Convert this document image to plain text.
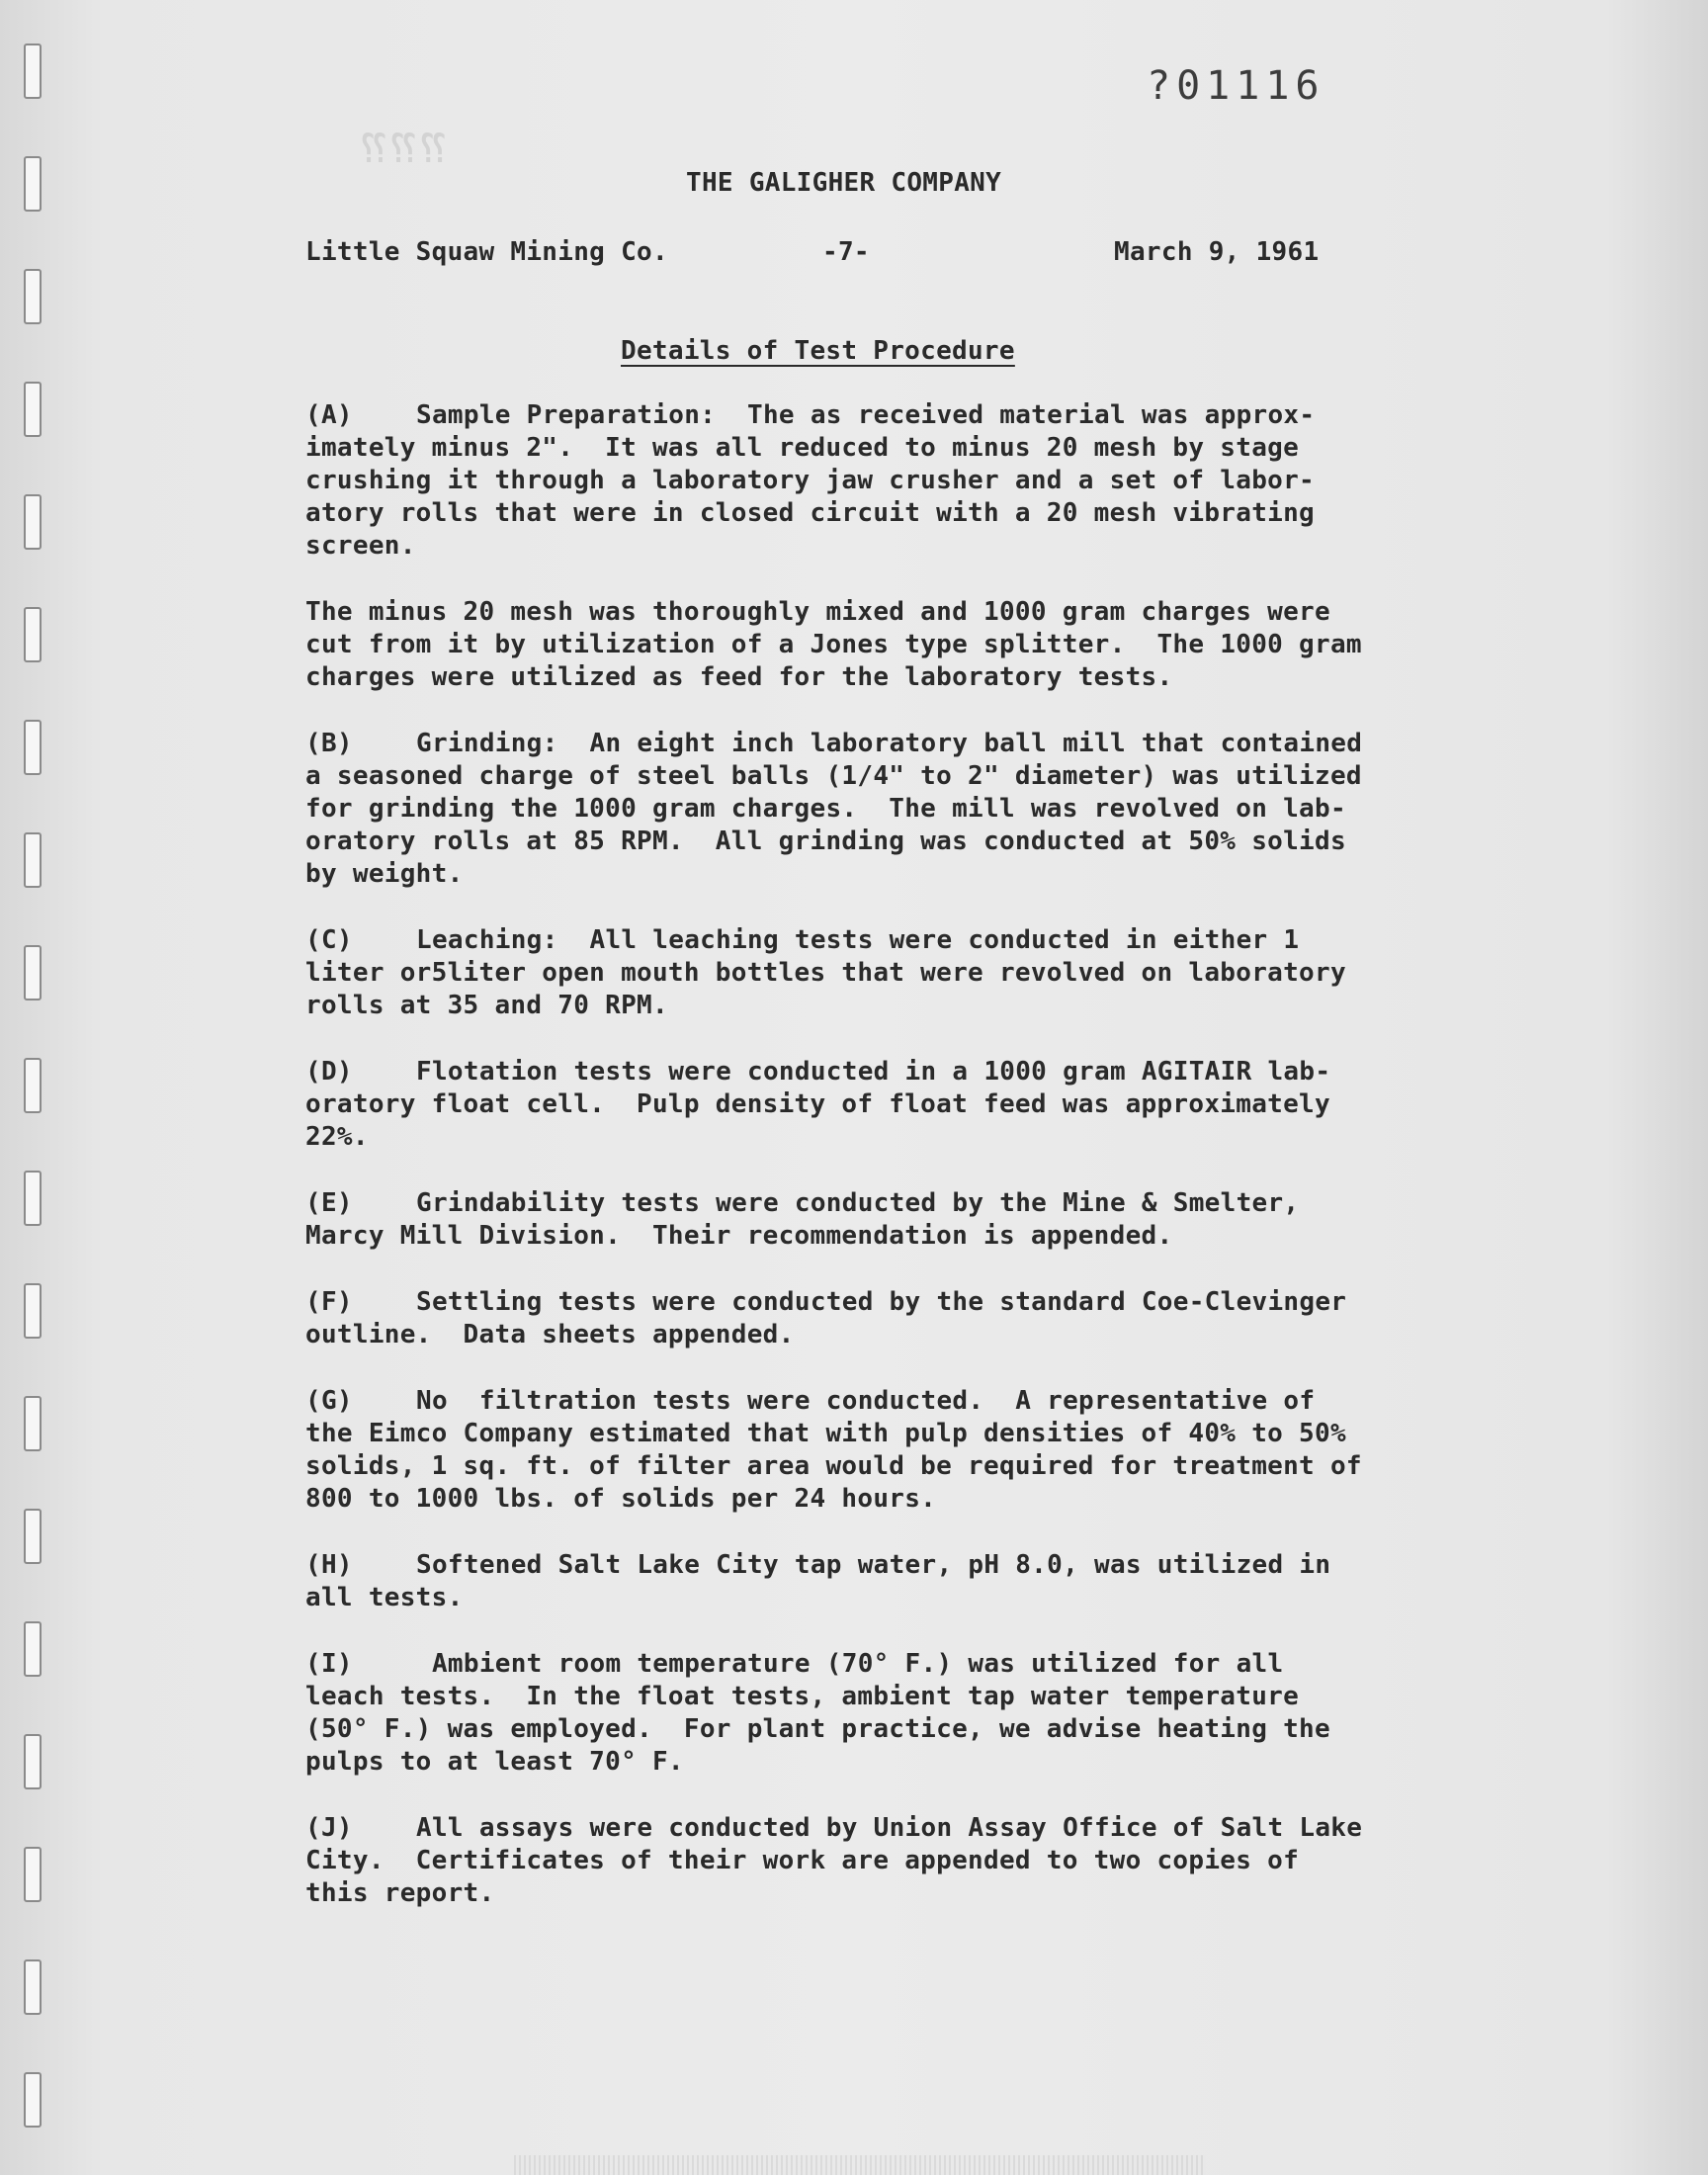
?01116
⁇⁇⁇
THE GALIGHER COMPANY
Little Squaw Mining Co.	-7-	March 9, 1961
Details of Test Procedure

(A) Sample Preparation:  The as received material was approx-
imately minus 2".  It was all reduced to minus 20 mesh by stage
crushing it through a laboratory jaw crusher and a set of labor-
atory rolls that were in closed circuit with a 20 mesh vibrating
screen.

The minus 20 mesh was thoroughly mixed and 1000 gram charges were
cut from it by utilization of a Jones type splitter.  The 1000 gram
charges were utilized as feed for the laboratory tests.

(B) Grinding:  An eight inch laboratory ball mill that contained
a seasoned charge of steel balls (1/4" to 2" diameter) was utilized
for grinding the 1000 gram charges.  The mill was revolved on lab-
oratory rolls at 85 RPM.  All grinding was conducted at 50% solids
by weight.

(C) Leaching:  All leaching tests were conducted in either 1
liter or5liter open mouth bottles that were revolved on laboratory
rolls at 35 and 70 RPM.

(D) Flotation tests were conducted in a 1000 gram AGITAIR lab-
oratory float cell.  Pulp density of float feed was approximately
22%.

(E) Grindability tests were conducted by the Mine & Smelter,
Marcy Mill Division.  Their recommendation is appended.

(F) Settling tests were conducted by the standard Coe-Clevinger
outline.  Data sheets appended.

(G) No  filtration tests were conducted.  A representative of
the Eimco Company estimated that with pulp densities of 40% to 50%
solids, 1 sq. ft. of filter area would be required for treatment of
800 to 1000 lbs. of solids per 24 hours.

(H) Softened Salt Lake City tap water, pH 8.0, was utilized in
all tests.

(I)	Ambient room temperature (70° F.) was utilized for all
leach tests.  In the float tests, ambient tap water temperature
(50° F.) was employed.  For plant practice, we advise heating the
pulps to at least 70° F.

(J) All assays were conducted by Union Assay Office of Salt Lake
City.  Certificates of their work are appended to two copies of
this report.
